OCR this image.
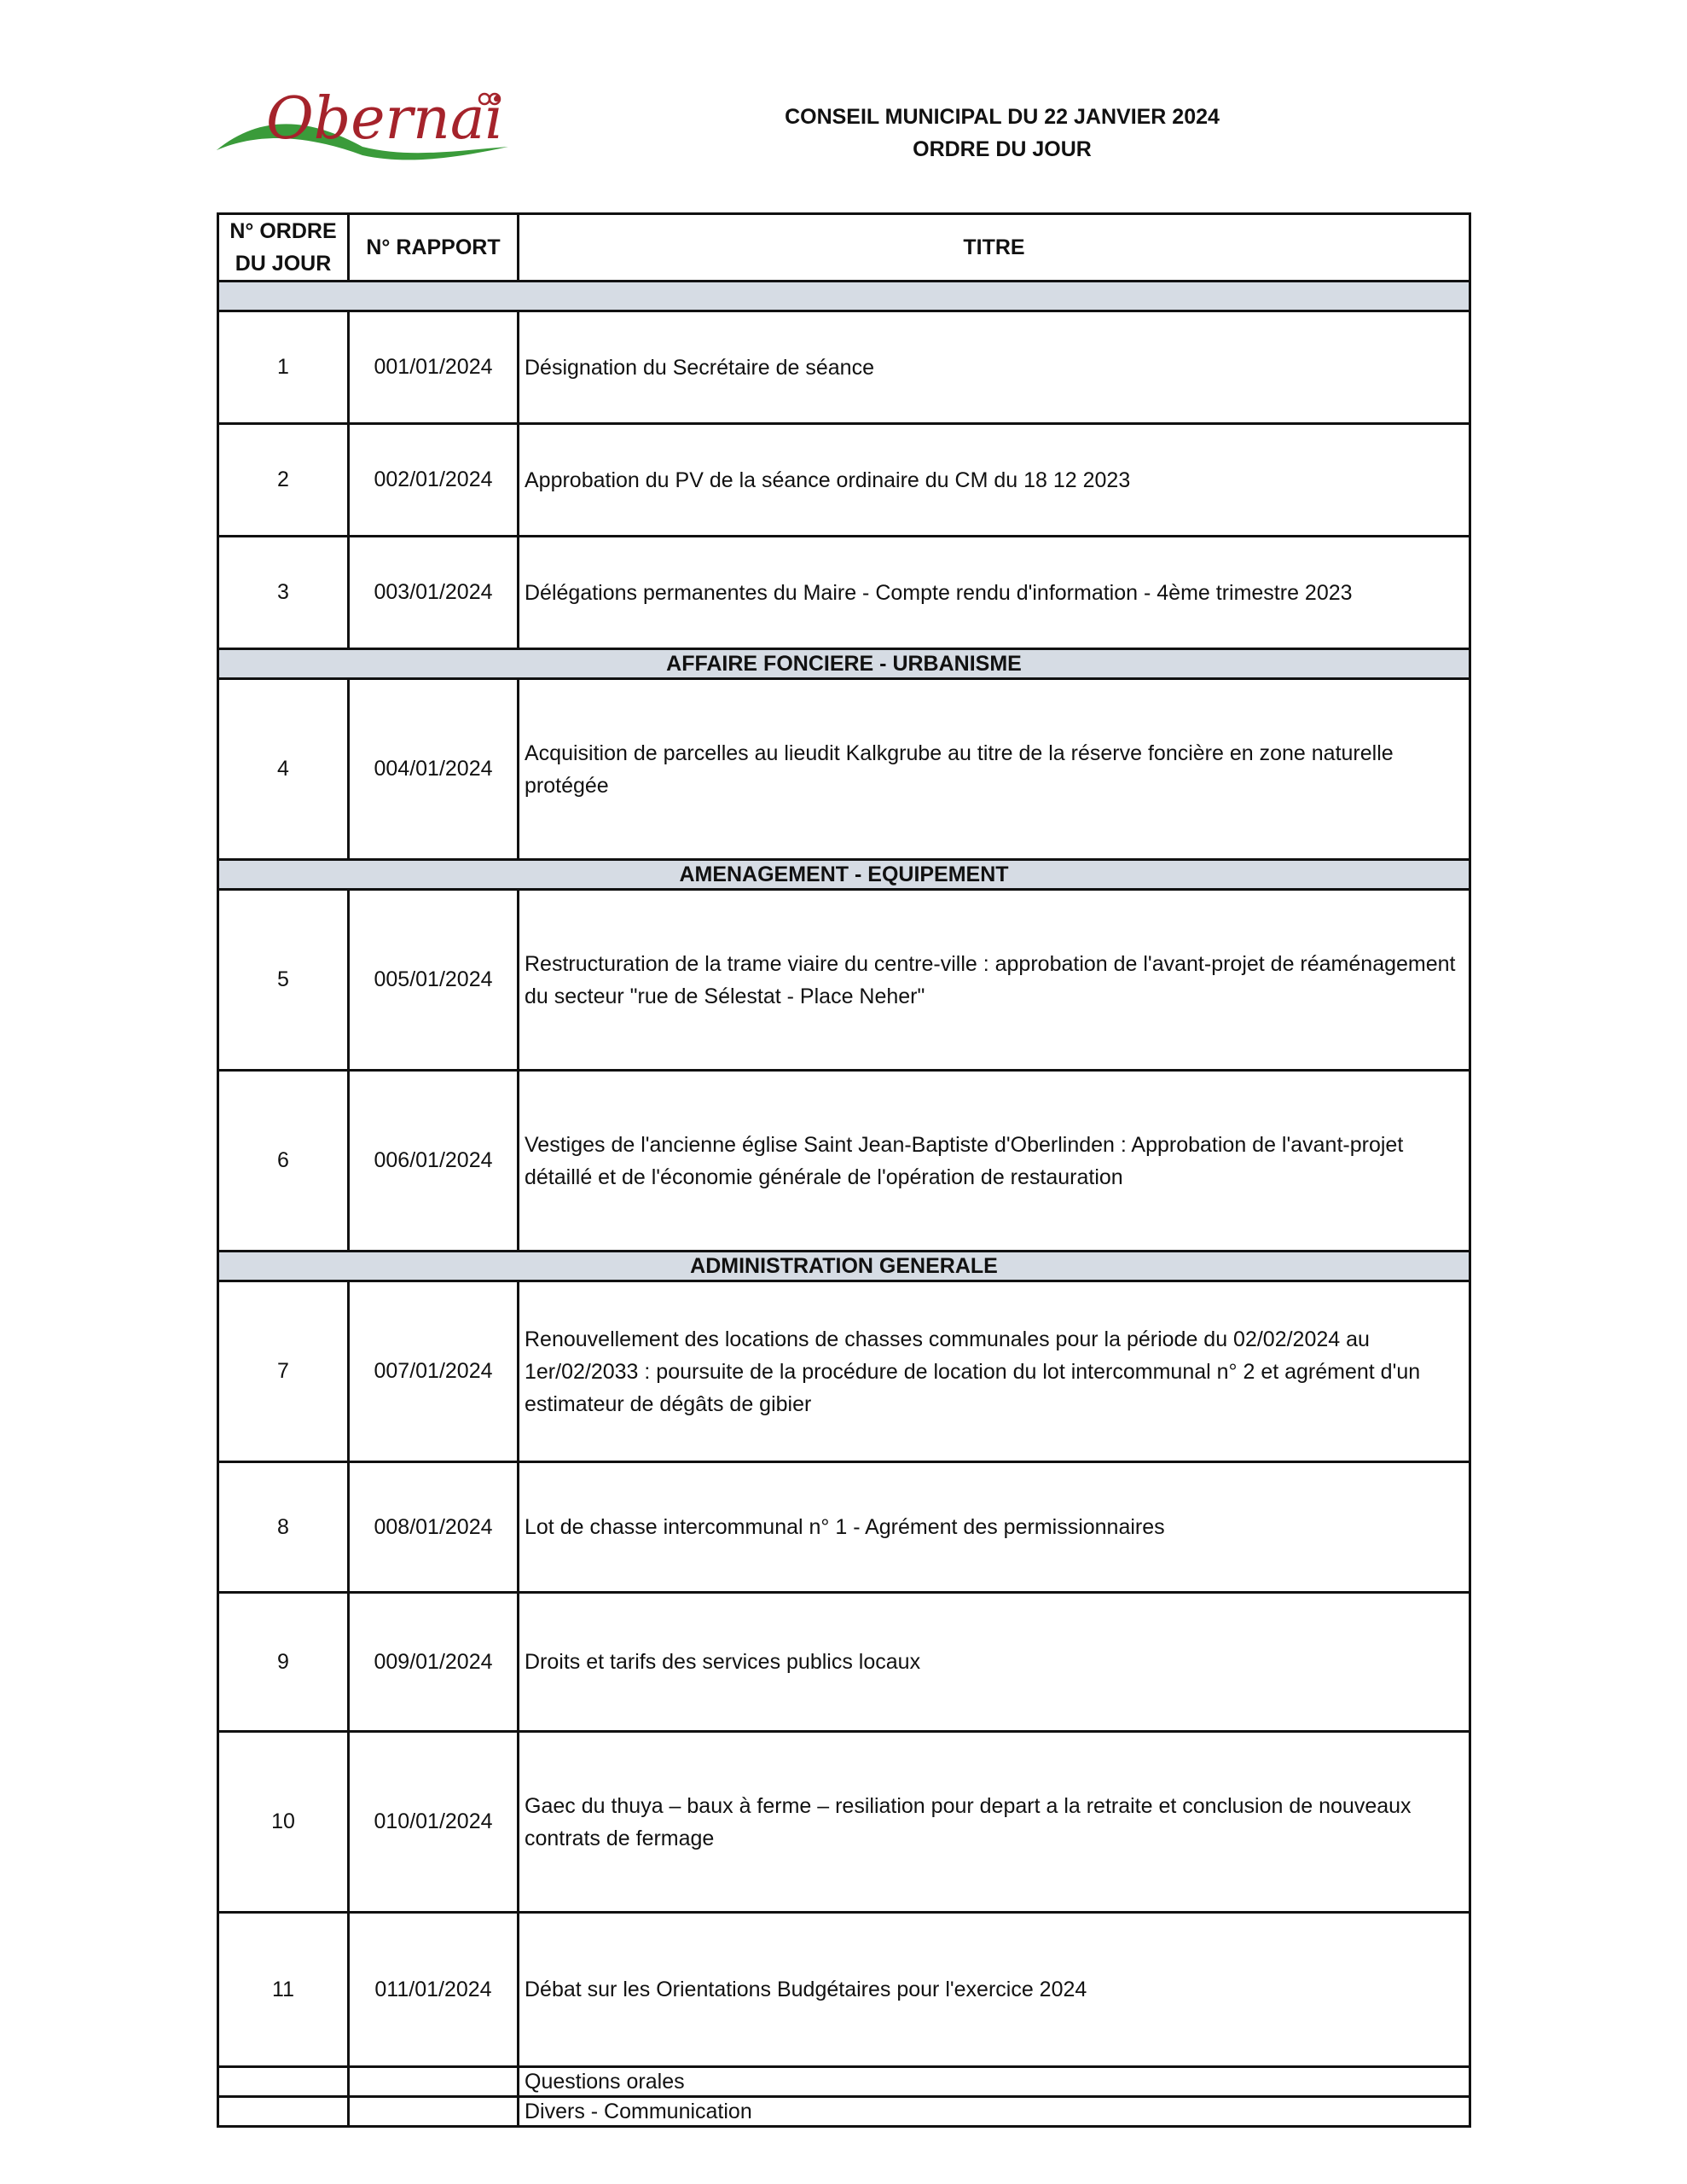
Obernai	CONSEIL MUNICIPAL DU 22 JANVIER 2024
ORDRE DU JOUR
N° ORDRE DU JOUR	N° RAPPORT	TITRE

1	001/01/2024	Désignation du Secrétaire de séance
2	002/01/2024	Approbation du PV de la séance ordinaire du CM du 18 12 2023
3	003/01/2024	Délégations permanentes du Maire - Compte rendu d'information - 4ème trimestre 2023
AFFAIRE FONCIERE - URBANISME		
4	004/01/2024	Acquisition de parcelles au lieudit Kalkgrube au titre de la réserve foncière en zone naturelle protégée
AMENAGEMENT - EQUIPEMENT		
5	005/01/2024	Restructuration de la trame viaire du centre-ville : approbation de l'avant-projet de réaménagement du secteur "rue de Sélestat - Place Neher"
6	006/01/2024	Vestiges de l'ancienne église Saint Jean-Baptiste d'Oberlinden : Approbation de l'avant-projet détaillé et de l'économie générale de l'opération de restauration
ADMINISTRATION GENERALE		
7	007/01/2024	Renouvellement des locations de chasses communales pour la période du 02/02/2024 au 1er/02/2033 : poursuite de la procédure de location du lot intercommunal n° 2 et agrément d'un estimateur de dégâts de gibier
8	008/01/2024	Lot de chasse intercommunal n° 1 - Agrément des permissionnaires
9	009/01/2024	Droits et tarifs des services publics locaux
10	010/01/2024	Gaec du thuya – baux à ferme – resiliation pour depart a la retraite et conclusion de nouveaux contrats de fermage
11	011/01/2024	Débat sur les Orientations Budgétaires pour l'exercice 2024
		Questions orales
		Divers - Communication
